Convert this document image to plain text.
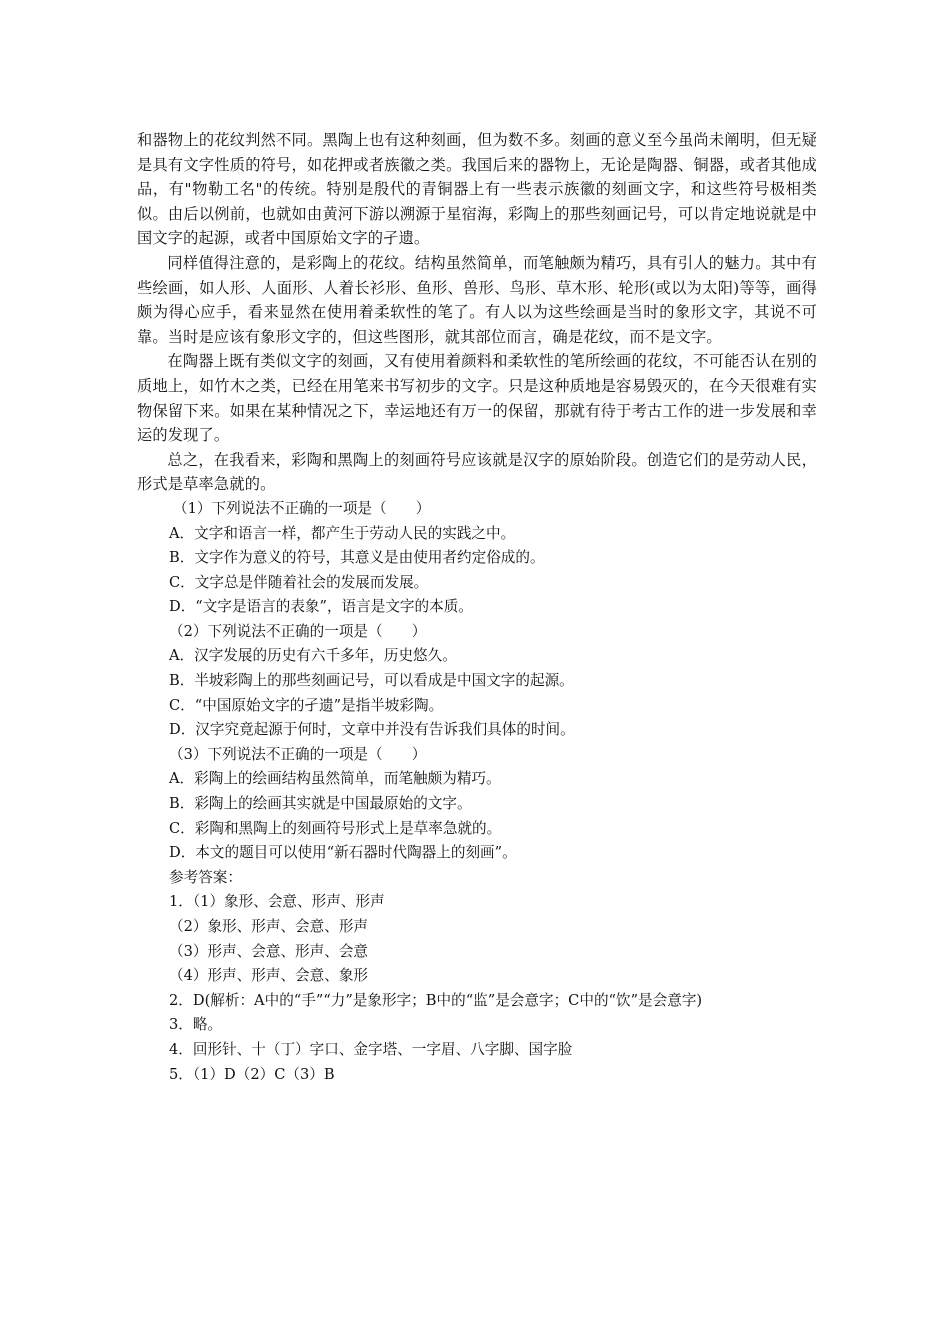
和器物上的花纹判然不同。黑陶上也有这种刻画，但为数不多。刻画的意义至今虽尚未阐明，但无疑是具有文字性质的符号，如花押或者族徽之类。我国后来的器物上，无论是陶器、铜器，或者其他成品，有"物勒工名"的传统。特别是殷代的青铜器上有一些表示族徽的刻画文字，和这些符号极相类似。由后以例前，也就如由黄河下游以溯源于星宿海，彩陶上的那些刻画记号，可以肯定地说就是中国文字的起源，或者中国原始文字的孑遗。

同样值得注意的，是彩陶上的花纹。结构虽然简单，而笔触颇为精巧，具有引人的魅力。其中有些绘画，如人形、人面形、人着长衫形、鱼形、兽形、鸟形、草木形、轮形(或以为太阳)等等，画得颇为得心应手，看来显然在使用着柔软性的笔了。有人以为这些绘画是当时的象形文字，其说不可靠。当时是应该有象形文字的，但这些图形，就其部位而言，确是花纹，而不是文字。

在陶器上既有类似文字的刻画，又有使用着颜料和柔软性的笔所绘画的花纹，不可能否认在别的质地上，如竹木之类，已经在用笔来书写初步的文字。只是这种质地是容易毁灭的，在今天很难有实物保留下来。如果在某种情况之下，幸运地还有万一的保留，那就有待于考古工作的进一步发展和幸运的发现了。

总之，在我看来，彩陶和黑陶上的刻画符号应该就是汉字的原始阶段。创造它们的是劳动人民，形式是草率急就的。

（1）下列说法不正确的一项是（　　）

A．文字和语言一样，都产生于劳动人民的实践之中。

B．文字作为意义的符号，其意义是由使用者约定俗成的。

C．文字总是伴随着社会的发展而发展。

D．“文字是语言的表象”，语言是文字的本质。

（2）下列说法不正确的一项是（　　）

A．汉字发展的历史有六千多年，历史悠久。

B．半坡彩陶上的那些刻画记号，可以看成是中国文字的起源。

C．“中国原始文字的孑遗”是指半坡彩陶。

D．汉字究竟起源于何时，文章中并没有告诉我们具体的时间。

（3）下列说法不正确的一项是（　　）

A．彩陶上的绘画结构虽然简单，而笔触颇为精巧。

B．彩陶上的绘画其实就是中国最原始的文字。

C．彩陶和黑陶上的刻画符号形式上是草率急就的。

D．本文的题目可以使用“新石器时代陶器上的刻画”。

参考答案：

1．（1）象形、会意、形声、形声

（2）象形、形声、会意、形声

（3）形声、会意、形声、会意

（4）形声、形声、会意、象形

2．D(解析：A中的“手”“力”是象形字；B中的“监”是会意字；C中的“饮”是会意字)

3．略。

4．回形针、十（丁）字口、金字塔、一字眉、八字脚、国字脸

5．（1）D（2）C（3）B
